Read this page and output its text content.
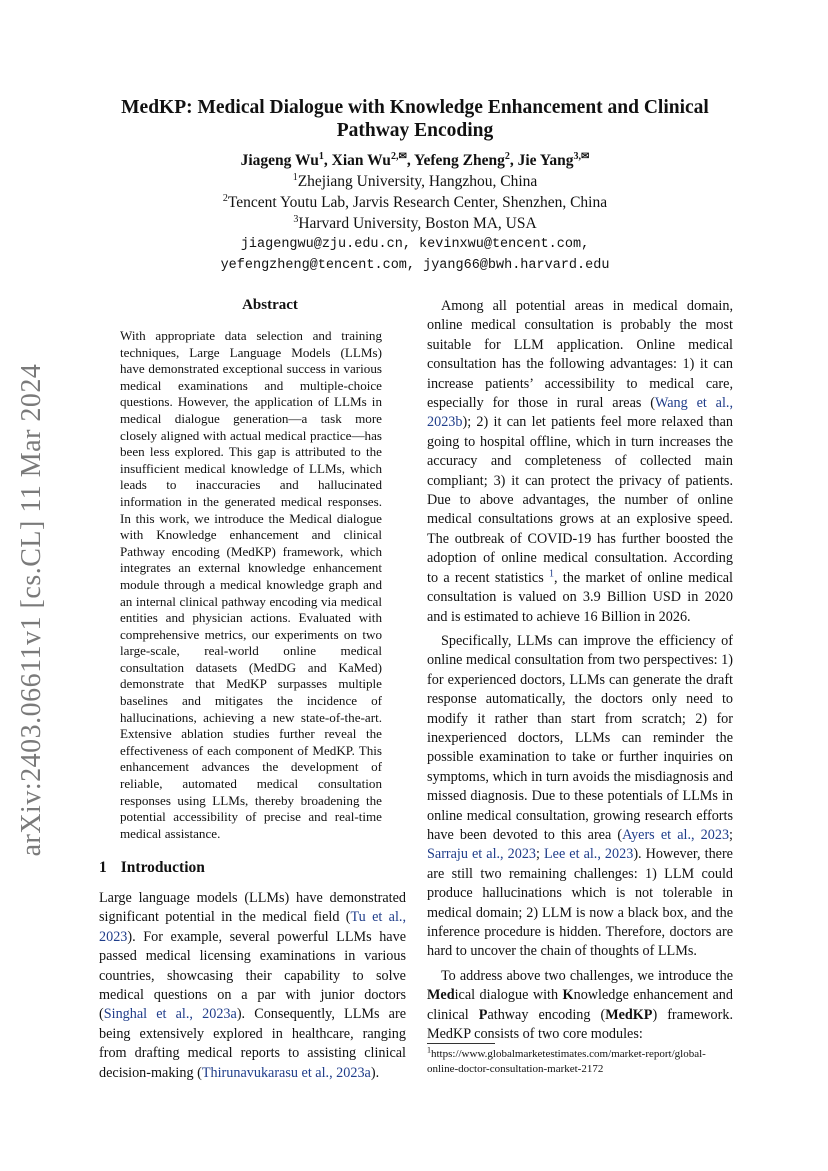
arXiv:2403.06611v1 [cs.CL] 11 Mar 2024
MedKP: Medical Dialogue with Knowledge Enhancement and Clinical Pathway Encoding
Jiageng Wu$^1$, Xian $Wu^{2,✉}$, Yefeng Zheng$^2$, Jie Yang$^{3,✉}$
$^1$Zhejiang University, Hangzhou, China
$^2$Tencent Youtu Lab, Jarvis Research Center, Shenzhen, China
$^3$Harvard University, Boston MA, USA
jiagengwu@zju.edu.cn, kevinxwu@tencent.com,
yefengzheng@tencent.com, jyang66@bwh.harvard.edu
Abstract

With appropriate data selection and training techniques, Large Language Models (LLMs) have demonstrated exceptional success in various medical examinations and multiple-choice questions. However, the application of LLMs in medical dialogue generation—a task more closely aligned with actual medical practice—has been less explored. This gap is attributed to the insufficient medical knowledge of LLMs, which leads to inaccuracies and hallucinated information in the generated medical responses. In this work, we introduce the Medical dialogue with Knowledge enhancement and clinical Pathway encoding (MedKP) framework, which integrates an external knowledge enhancement module through a medical knowledge graph and an internal clinical pathway encoding via medical entities and physician actions. Evaluated with comprehensive metrics, our experiments on two large-scale, real-world online medical consultation datasets (MedDG and KaMed) demonstrate that MedKP surpasses multiple baselines and mitigates the incidence of hallucinations, achieving a new state-of-the-art. Extensive ablation studies further reveal the effectiveness of each component of MedKP. This enhancement advances the development of reliable, automated medical consultation responses using LLMs, thereby broadening the potential accessibility of precise and real-time medical assistance.

1 Introduction

Large language models (LLMs) have demonstrated significant potential in the medical field (Tu et al., 2023). For example, several powerful LLMs have passed medical licensing examinations in various countries, showcasing their capability to solve medical questions on a par with junior doctors (Singhal et al., 2023a). Consequently, LLMs are being extensively explored in healthcare, ranging from drafting medical reports to assisting clinical decision-making (Thirunavukarasu et al., 2023a).

Among all potential areas in medical domain, online medical consultation is probably the most suitable for LLM application. Online medical consultation has the following advantages: 1) it can increase patients’ accessibility to medical care, especially for those in rural areas (Wang et al., 2023b); 2) it can let patients feel more relaxed than going to hospital offline, which in turn increases the accuracy and completeness of collected main compliant; 3) it can protect the privacy of patients. Due to above advantages, the number of online medical consultations grows at an explosive speed. The outbreak of COVID-19 has further boosted the adoption of online medical consultation. According to a recent statistics $^1$, the market of online medical consultation is valued on 3.9 Billion USD in 2020 and is estimated to achieve 16 Billion in 2026.

Specifically, LLMs can improve the efficiency of online medical consultation from two perspectives: 1) for experienced doctors, LLMs can generate the draft response automatically, the doctors only need to modify it rather than start from scratch; 2) for inexperienced doctors, LLMs can reminder the possible examination to take or further inquiries on symptoms, which in turn avoids the misdiagnosis and missed diagnosis. Due to these potentials of LLMs in online medical consultation, growing research efforts have been devoted to this area (Ayers et al., 2023; Sarraju et al., 2023; Lee et al., 2023). However, there are still two remaining challenges: 1) LLM could produce hallucinations which is not tolerable in medical domain; 2) LLM is now a black box, and the inference procedure is hidden. Therefore, doctors are hard to uncover the chain of thoughts of LLMs.

To address above two challenges, we introduce the Medical dialogue with Knowledge enhancement and clinical Pathway encoding (MedKP) framework. MedKP consists of two core modules:

$^1$https://www.globalmarketestimates.com/market-report/global-online-doctor-consultation-market-2172
